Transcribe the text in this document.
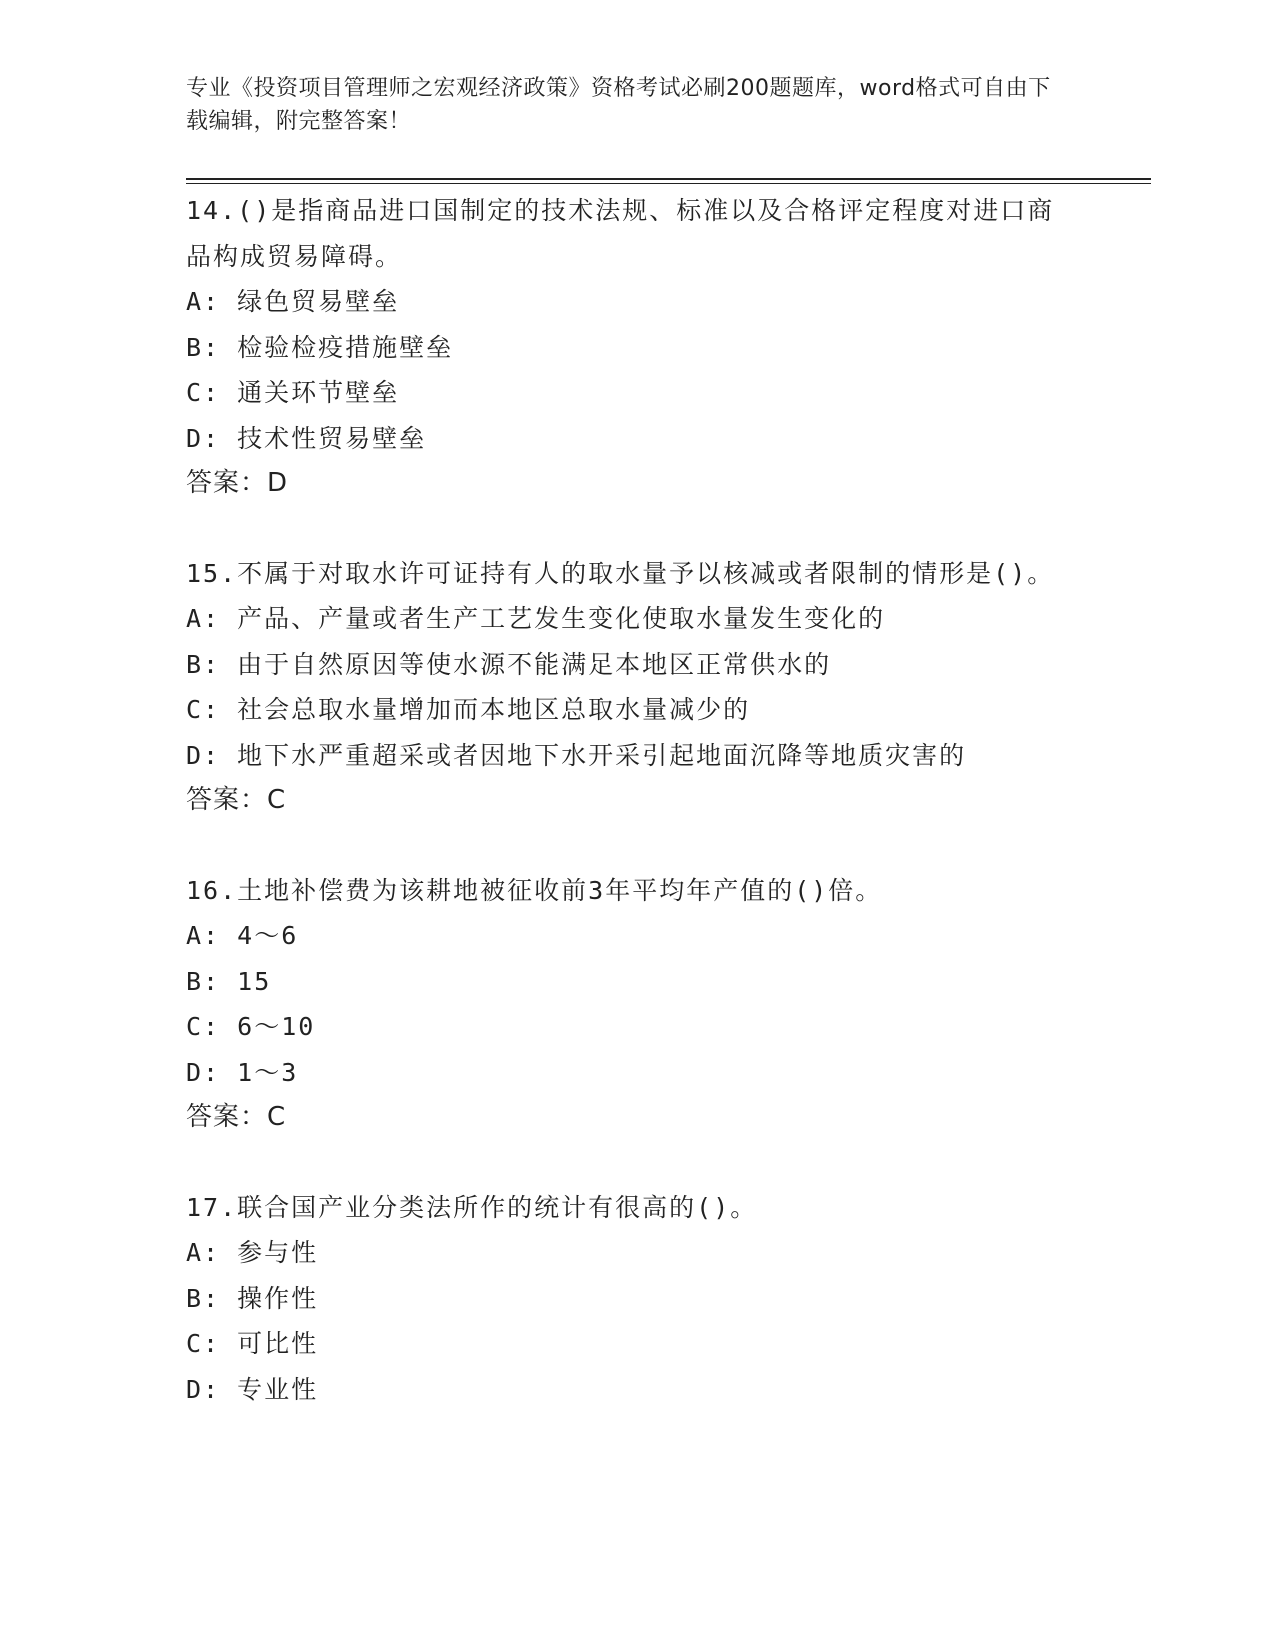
专业《投资项目管理师之宏观经济政策》资格考试必刷200题题库，word格式可自由下载编辑，附完整答案！
14.()是指商品进口国制定的技术法规、标准以及合格评定程度对进口商品构成贸易障碍。
A: 绿色贸易壁垒
B: 检验检疫措施壁垒
C: 通关环节壁垒
D: 技术性贸易壁垒
答案：D
15.不属于对取水许可证持有人的取水量予以核减或者限制的情形是()。
A: 产品、产量或者生产工艺发生变化使取水量发生变化的
B: 由于自然原因等使水源不能满足本地区正常供水的
C: 社会总取水量增加而本地区总取水量减少的
D: 地下水严重超采或者因地下水开采引起地面沉降等地质灾害的
答案：C
16.土地补偿费为该耕地被征收前3年平均年产值的()倍。
A: 4～6
B: 15
C: 6～10
D: 1～3
答案：C
17.联合国产业分类法所作的统计有很高的()。
A: 参与性
B: 操作性
C: 可比性
D: 专业性
